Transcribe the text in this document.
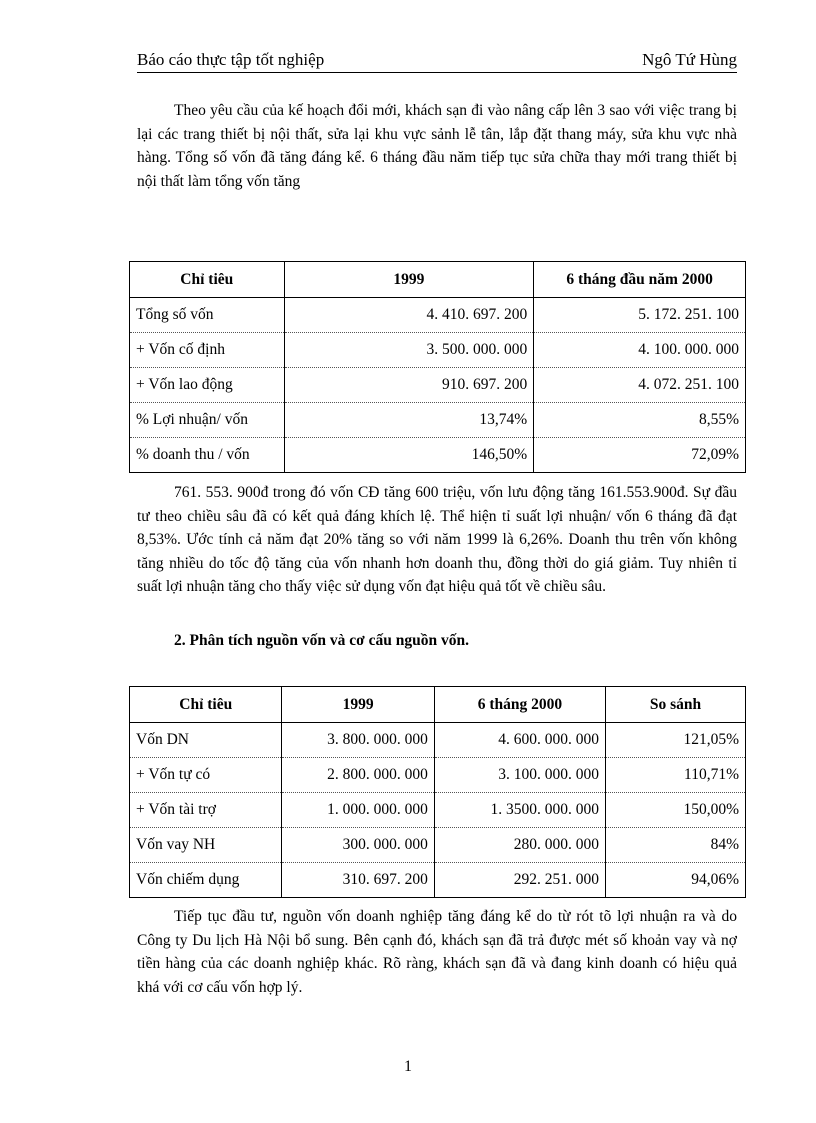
Báo cáo thực tập tốt nghiệp	Ngô Tứ Hùng

Theo yêu cầu của kế hoạch đổi mới, khách sạn đi vào nâng cấp lên 3 sao với việc trang bị lại các trang thiết bị nội thất, sửa lại khu vực sảnh lễ tân, lắp đặt thang máy, sửa khu vực nhà hàng. Tổng số vốn đã tăng đáng kể. 6 tháng đầu năm tiếp tục sửa chữa thay mới trang thiết bị nội thất làm tổng vốn tăng

Chỉ tiêu	1999	6 tháng đầu năm 2000
Tổng số vốn	4. 410. 697. 200	5. 172. 251. 100
+ Vốn cố định	3. 500. 000. 000	4. 100. 000. 000
+ Vốn lao động	910. 697. 200	4. 072. 251. 100
% Lợi nhuận/ vốn	13,74%	8,55%
% doanh thu / vốn	146,50%	72,09%

761. 553. 900đ trong đó vốn CĐ tăng 600 triệu, vốn lưu động tăng 161.553.900đ. Sự đầu tư theo chiều sâu đã có kết quả đáng khích lệ. Thể hiện tỉ suất lợi nhuận/ vốn 6 tháng đã đạt 8,53%. Ước tính cả năm đạt 20% tăng so với năm 1999 là 6,26%. Doanh thu trên vốn không tăng nhiều do tốc độ tăng của vốn nhanh hơn doanh thu, đồng thời do giá giảm. Tuy nhiên tỉ suất lợi nhuận tăng cho thấy việc sử dụng vốn đạt hiệu quả tốt về chiều sâu.

2. Phân tích nguồn vốn và cơ cấu nguồn vốn.

Chỉ tiêu	1999	6 tháng 2000	So sánh
Vốn DN	3. 800. 000. 000	4. 600. 000. 000	121,05%
+ Vốn tự có	2. 800. 000. 000	3. 100. 000. 000	110,71%
+ Vốn tài trợ	1. 000. 000. 000	1. 3500. 000. 000	150,00%
Vốn vay NH	300. 000. 000	280. 000. 000	84%
Vốn chiếm dụng	310. 697. 200	292. 251. 000	94,06%

Tiếp tục đầu tư, nguồn vốn doanh nghiệp tăng đáng kể do từ rót tõ lợi nhuận ra và do Công ty Du lịch Hà Nội bổ sung. Bên cạnh đó, khách sạn đã trả được mét số khoản vay và nợ tiền hàng của các doanh nghiệp khác. Rõ ràng, khách sạn đã và đang kinh doanh có hiệu quả khá với cơ cấu vốn hợp lý.

1
